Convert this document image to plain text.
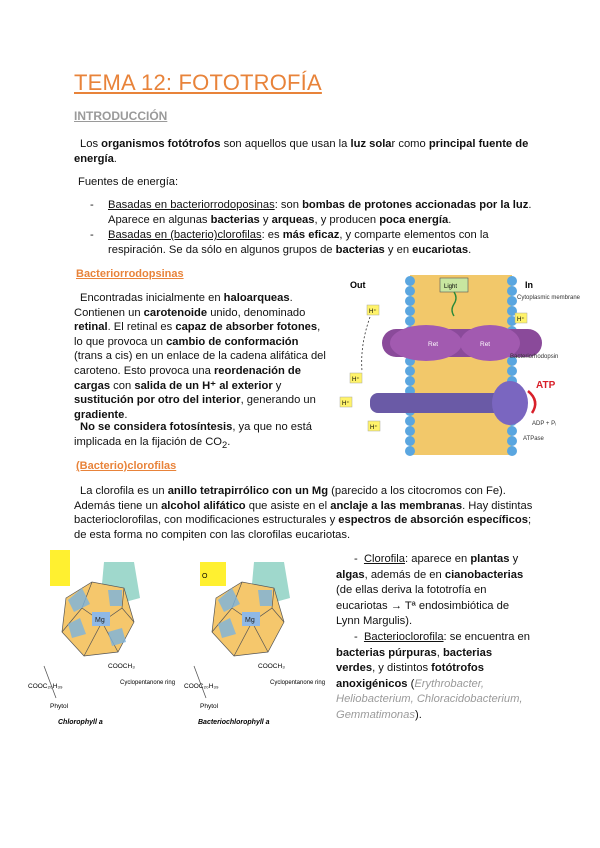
TEMA 12: FOTOTROFÍA
INTRODUCCIÓN
Los organismos fotótrofos son aquellos que usan la luz solar como principal fuente de energía.
Fuentes de energía:
- Basadas en bacteriorrodoposinas: son bombas de protones accionadas por la luz. Aparece en algunas bacterias y arqueas, y producen poca energía.
- Basadas en (bacterio)clorofilas: es más eficaz, y comparte elementos con la respiración. Se da sólo en algunos grupos de bacterias y en eucariotas.
Bacteriorrodopsinas
Encontradas inicialmente en haloarqueas. Contienen un carotenoide unido, denominado retinal. El retinal es capaz de absorber fotones, lo que provoca un cambio de conformación (trans a cis) en un enlace de la cadena alifática del caroteno. Esto provoca una reordenación de cargas con salida de un H⁺ al exterior y sustitución por otro del interior, generando un gradiente.
No se considera fotosíntesis, ya que no está implicada en la fijación de $CO_2$.
Out	In
Light
Ret	Ret
Cytoplasmic membrane
Bacteriorhodopsin
H⁺
H⁺
H⁺
H⁺
H⁺
ATP
ADP + Pᵢ
ATPase
(Bacterio)clorofilas
La clorofila es un anillo tetrapirrólico con un Mg (parecido a los citocromos con Fe). Además tiene un alcohol alifático que asiste en el anclaje a las membranas. Hay distintas bacterioclorofilas, con modificaciones estructurales y espectros de absorción específicos; de esta forma no compiten con las clorofilas eucariotas.
Mg
COOC₂₀H₃₉
Phytol
COOCH₃
Cyclopentanone ring
Chlorophyll a
O
Mg
COOC₂₀H₃₉
Phytol
COOCH₃
Cyclopentanone ring
Bacteriochlorophyll a
- Clorofila: aparece en plantas y algas, además de en cianobacterias (de ellas deriva la fototrofía en eucariotas → Tª endosimbiótica de Lynn Margulis).
- Bacterioclorofila: se encuentra en bacterias púrpuras, bacterias verdes, y distintos fotótrofos anoxigénicos (Erythrobacter, Heliobacterium, Chloracidobacterium, Gemmatimonas).
